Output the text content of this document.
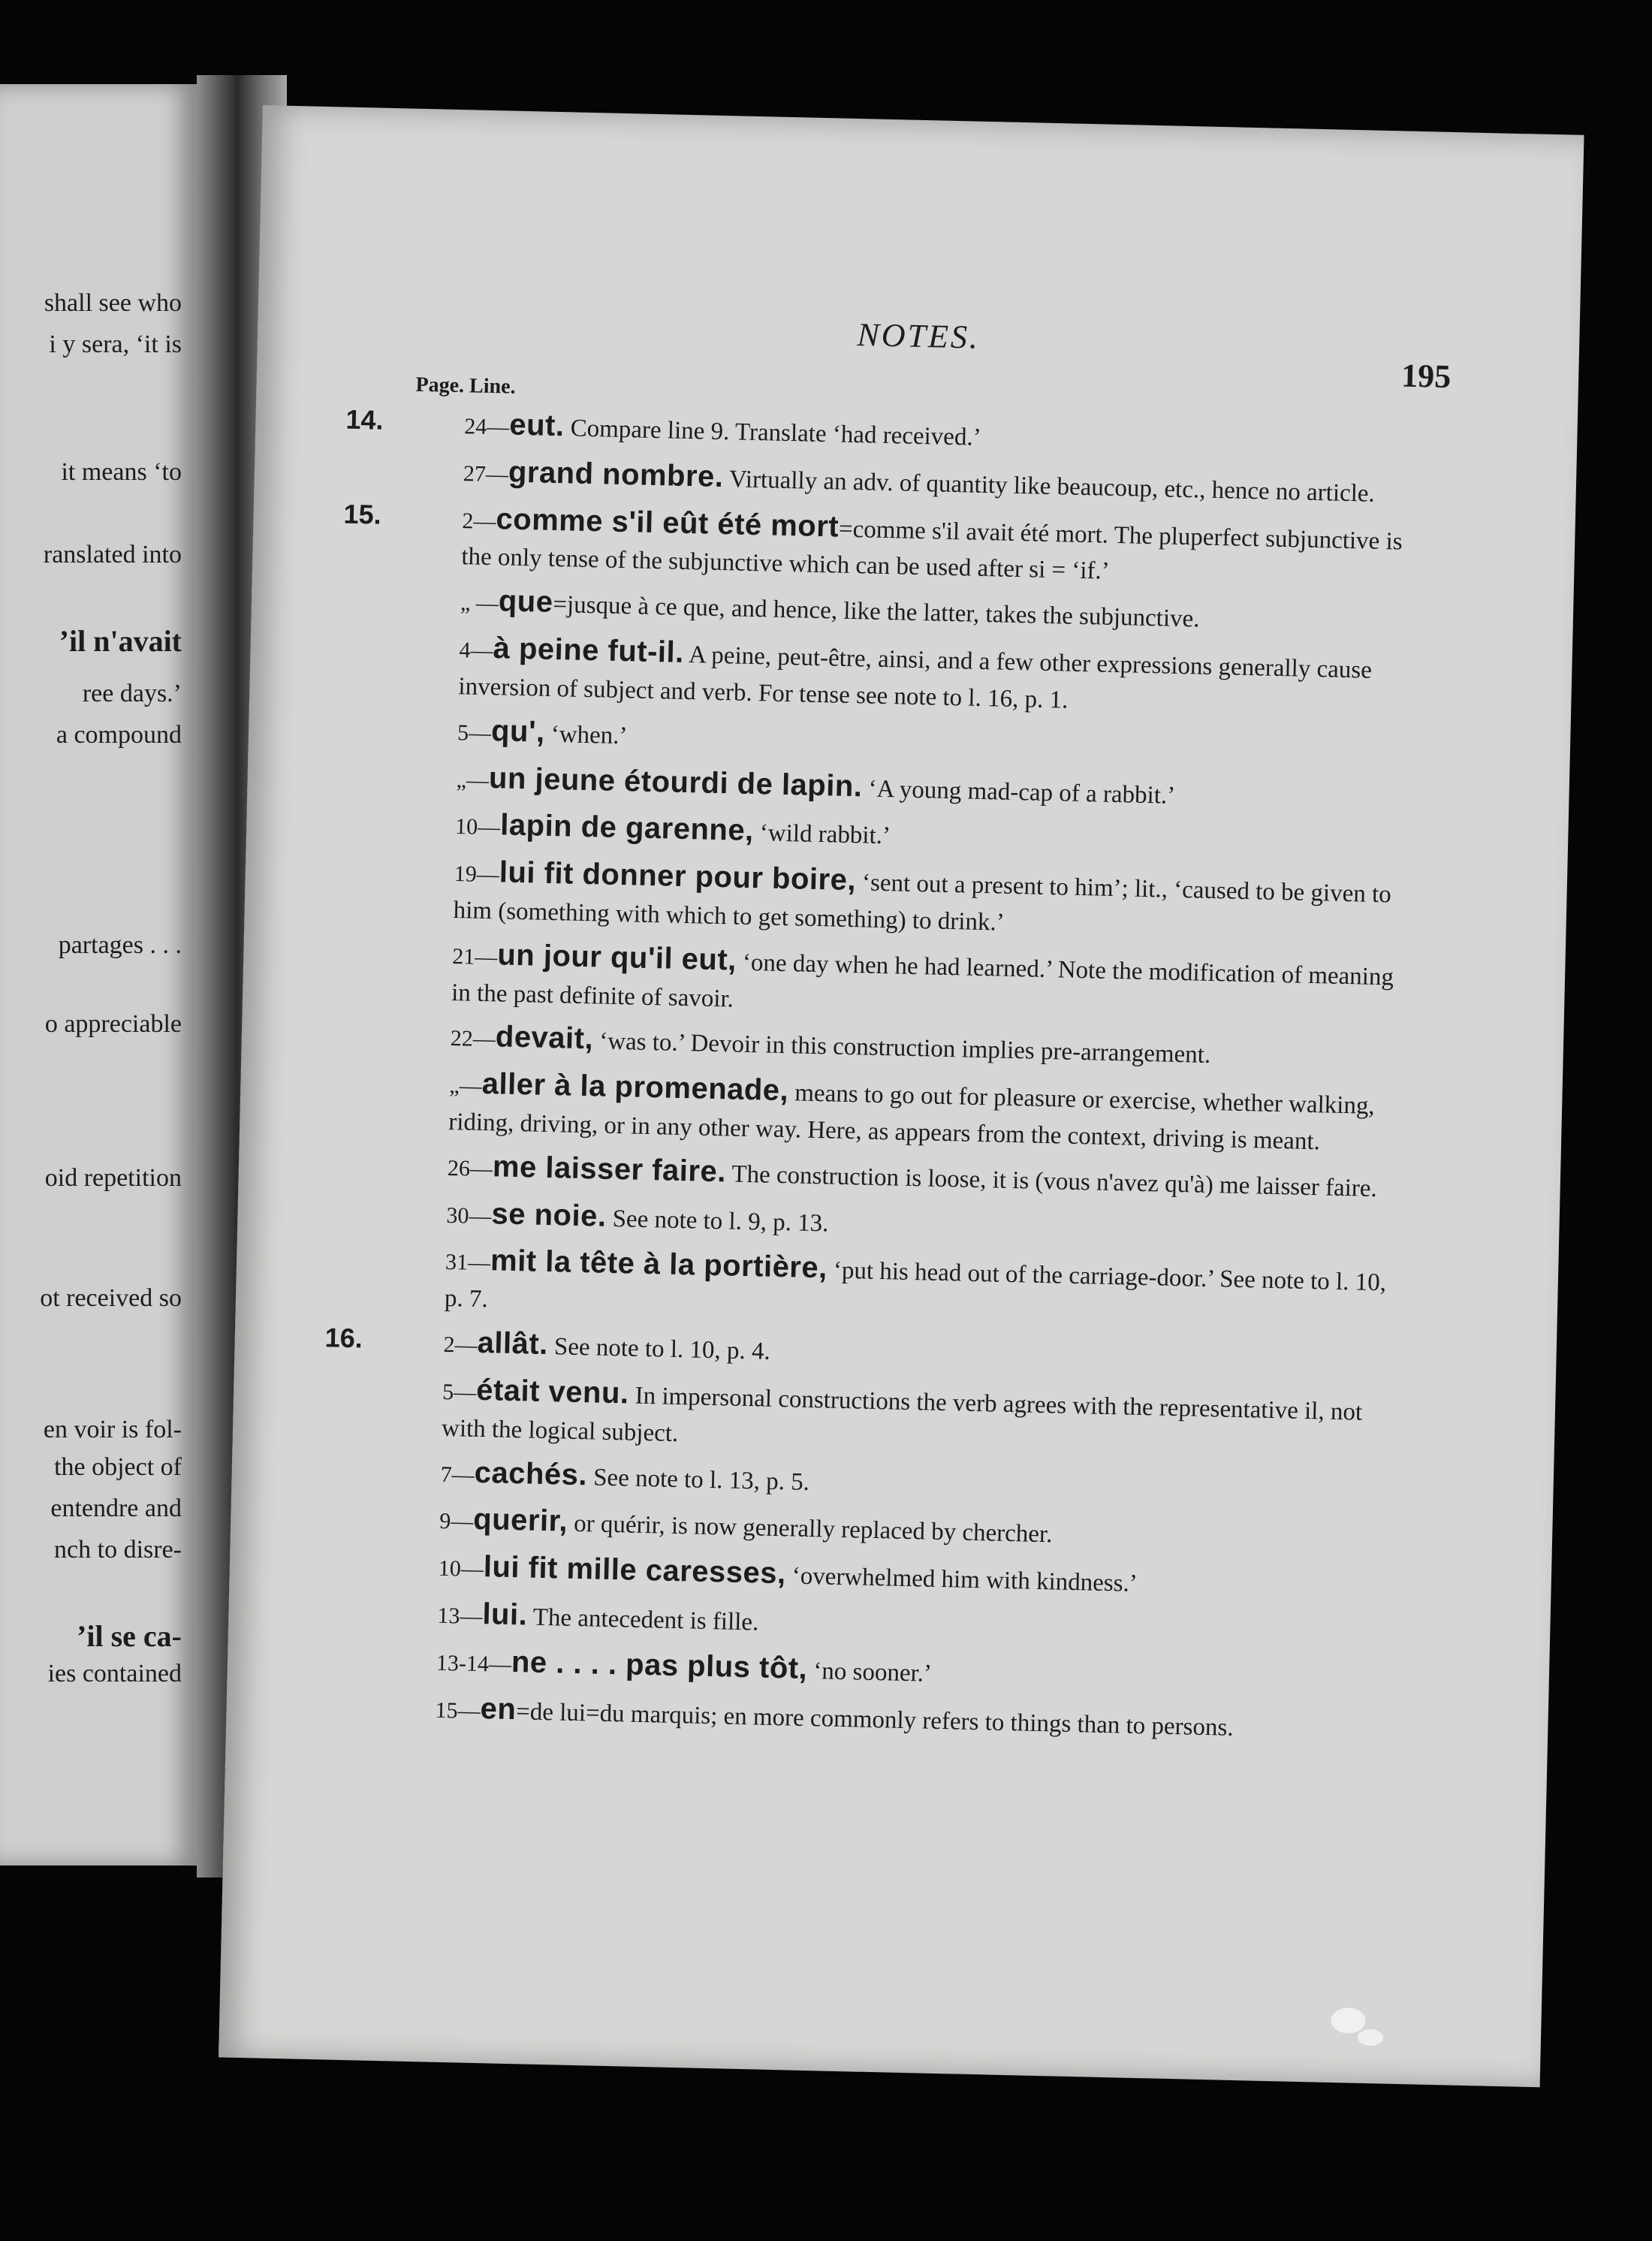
shall see who
i y sera, ‘it is
it means ‘to
ranslated into
’il n'avait
ree days.’
a compound
partages . . .
o appreciable
oid repetition
ot received so
en voir is fol-
the object of
entendre and
nch to disre-
’il se ca-
ies contained
NOTES.
195
Page. Line.
14.	24—eut. Compare line 9. Translate ‘had received.’
27—grand nombre. Virtually an adv. of quantity like beaucoup, etc., hence no article.
15.	2—comme s'il eût été mort=comme s'il avait été mort. The pluperfect subjunctive is the only tense of the subjunctive which can be used after si = ‘if.’
„ —que=jusque à ce que, and hence, like the latter, takes the subjunctive.
4—à peine fut-il. A peine, peut-être, ainsi, and a few other expressions generally cause inversion of subject and verb. For tense see note to l. 16, p. 1.
5—qu', ‘when.’
„—un jeune étourdi de lapin. ‘A young mad-cap of a rabbit.’
10—lapin de garenne, ‘wild rabbit.’
19—lui fit donner pour boire, ‘sent out a present to him’; lit., ‘caused to be given to him (something with which to get something) to drink.’
21—un jour qu'il eut, ‘one day when he had learned.’ Note the modification of meaning in the past definite of savoir.
22—devait, ‘was to.’ Devoir in this construction implies pre-arrangement.
„—aller à la promenade, means to go out for pleasure or exercise, whether walking, riding, driving, or in any other way. Here, as appears from the context, driving is meant.
26—me laisser faire. The construction is loose, it is (vous n'avez qu'à) me laisser faire.
30—se noie. See note to l. 9, p. 13.
31—mit la tête à la portière, ‘put his head out of the carriage-door.’ See note to l. 10, p. 7.
16.	2—allât. See note to l. 10, p. 4.
5—était venu. In impersonal constructions the verb agrees with the representative il, not with the logical subject.
7—cachés. See note to l. 13, p. 5.
9—querir, or quérir, is now generally replaced by chercher.
10—lui fit mille caresses, ‘overwhelmed him with kindness.’
13—lui. The antecedent is fille.
13-14—ne . . . . pas plus tôt, ‘no sooner.’
15—en=de lui=du marquis; en more commonly refers to things than to persons.
